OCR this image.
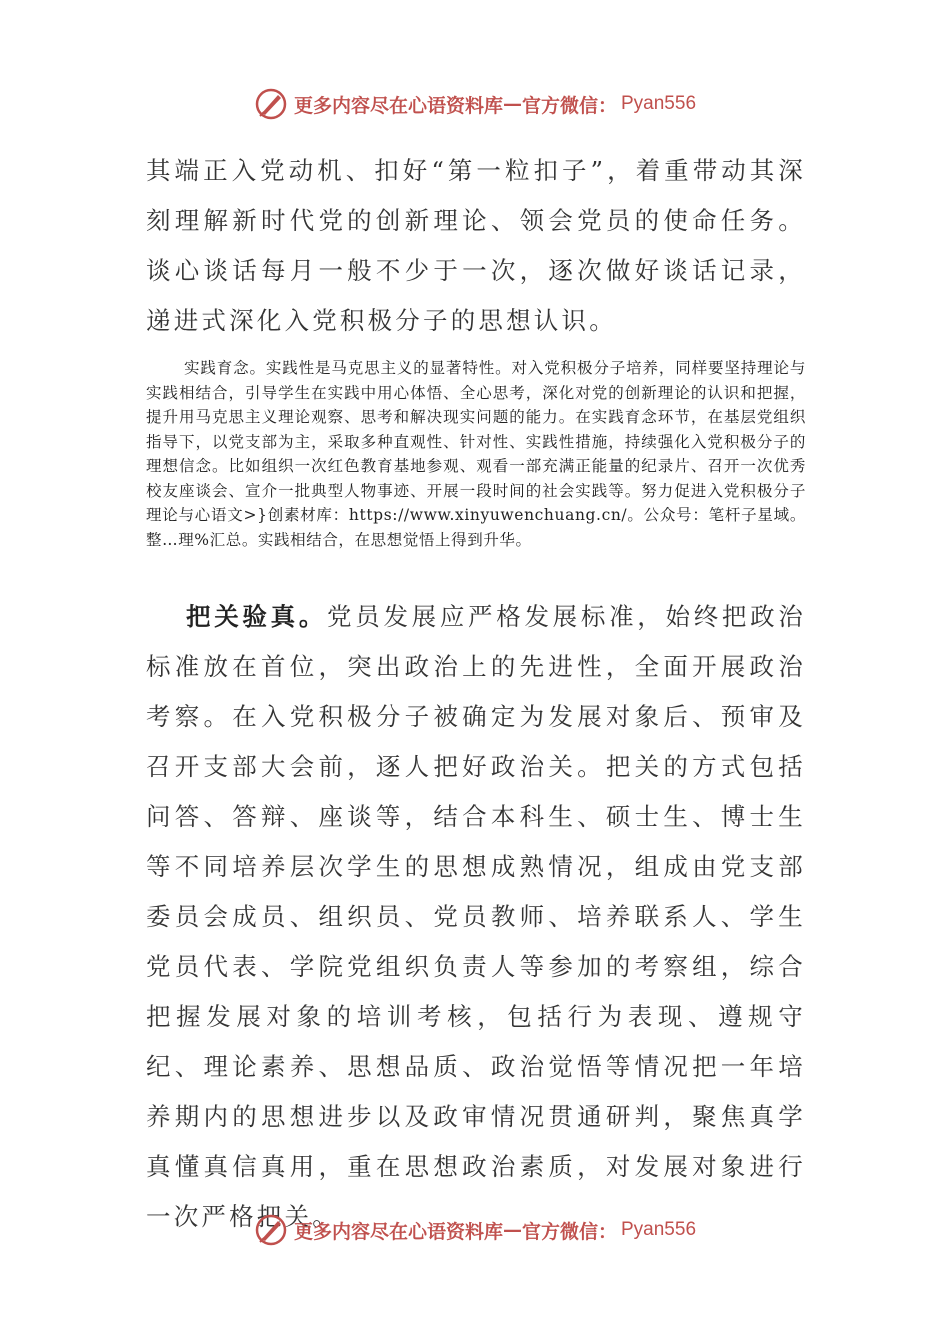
更多内容尽在心语资料库 — 官方微信： Pyan556

其端正入党动机、扣好“第一粒扣子”，着重带动其深刻理解新时代党的创新理论、领会党员的使命任务。谈心谈话每月一般不少于一次，逐次做好谈话记录，递进式深化入党积极分子的思想认识。

实践育念。实践性是马克思主义的显著特性。对入党积极分子培养，同样要坚持理论与实践相结合，引导学生在实践中用心体悟、全心思考，深化对党的创新理论的认识和把握，提升用马克思主义理论观察、思考和解决现实问题的能力。在实践育念环节，在基层党组织指导下，以党支部为主，采取多种直观性、针对性、实践性措施，持续强化入党积极分子的理想信念。比如组织一次红色教育基地参观、观看一部充满正能量的纪录片、召开一次优秀校友座谈会、宣介一批典型人物事迹、开展一段时间的社会实践等。努力促进入党积极分子理论与心语文>}创素材库：https://www.xinyuwenchuang.cn/。公众号：笔杆子星域。整…理%汇总。实践相结合，在思想觉悟上得到升华。

把关验真。党员发展应严格发展标准，始终把政治标准放在首位，突出政治上的先进性，全面开展政治考察。在入党积极分子被确定为发展对象后、预审及召开支部大会前，逐人把好政治关。把关的方式包括问答、答辩、座谈等，结合本科生、硕士生、博士生等不同培养层次学生的思想成熟情况，组成由党支部委员会成员、组织员、党员教师、培养联系人、学生党员代表、学院党组织负责人等参加的考察组，综合把握发展对象的培训考核，包括行为表现、遵规守纪、理论素养、思想品质、政治觉悟等情况把一年培养期内的思想进步以及政审情况贯通研判，聚焦真学真懂真信真用，重在思想政治素质，对发展对象进行一次严格把关。

更多内容尽在心语资料库 — 官方微信： Pyan556
